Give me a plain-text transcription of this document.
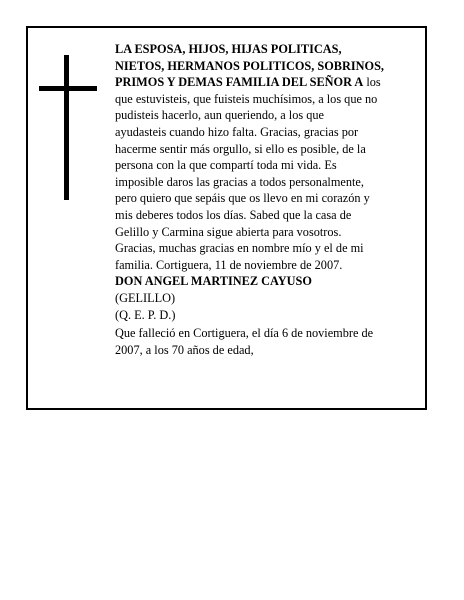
LA ESPOSA, HIJOS, HIJAS POLITICAS,
NIETOS, HERMANOS POLITICOS, SOBRINOS,
PRIMOS Y DEMAS FAMILIA DEL SEÑOR A los
que estuvisteis, que fuisteis muchísimos, a los que no
pudisteis hacerlo, aun queriendo, a los que
ayudasteis cuando hizo falta. Gracias, gracias por
hacerme sentir más orgullo, si ello es posible, de la
persona con la que compartí toda mi vida. Es
imposible daros las gracias a todos personalmente,
pero quiero que sepáis que os llevo en mi corazón y
mis deberes todos los días. Sabed que la casa de
Gelillo y Carmina sigue abierta para vosotros.
Gracias, muchas gracias en nombre mío y el de mi
familia. Cortiguera, 11 de noviembre de 2007.
DON ANGEL MARTINEZ CAYUSO
(GELILLO)
(Q. E. P. D.)
Que falleció en Cortiguera, el día 6 de noviembre de
2007, a los 70 años de edad,
